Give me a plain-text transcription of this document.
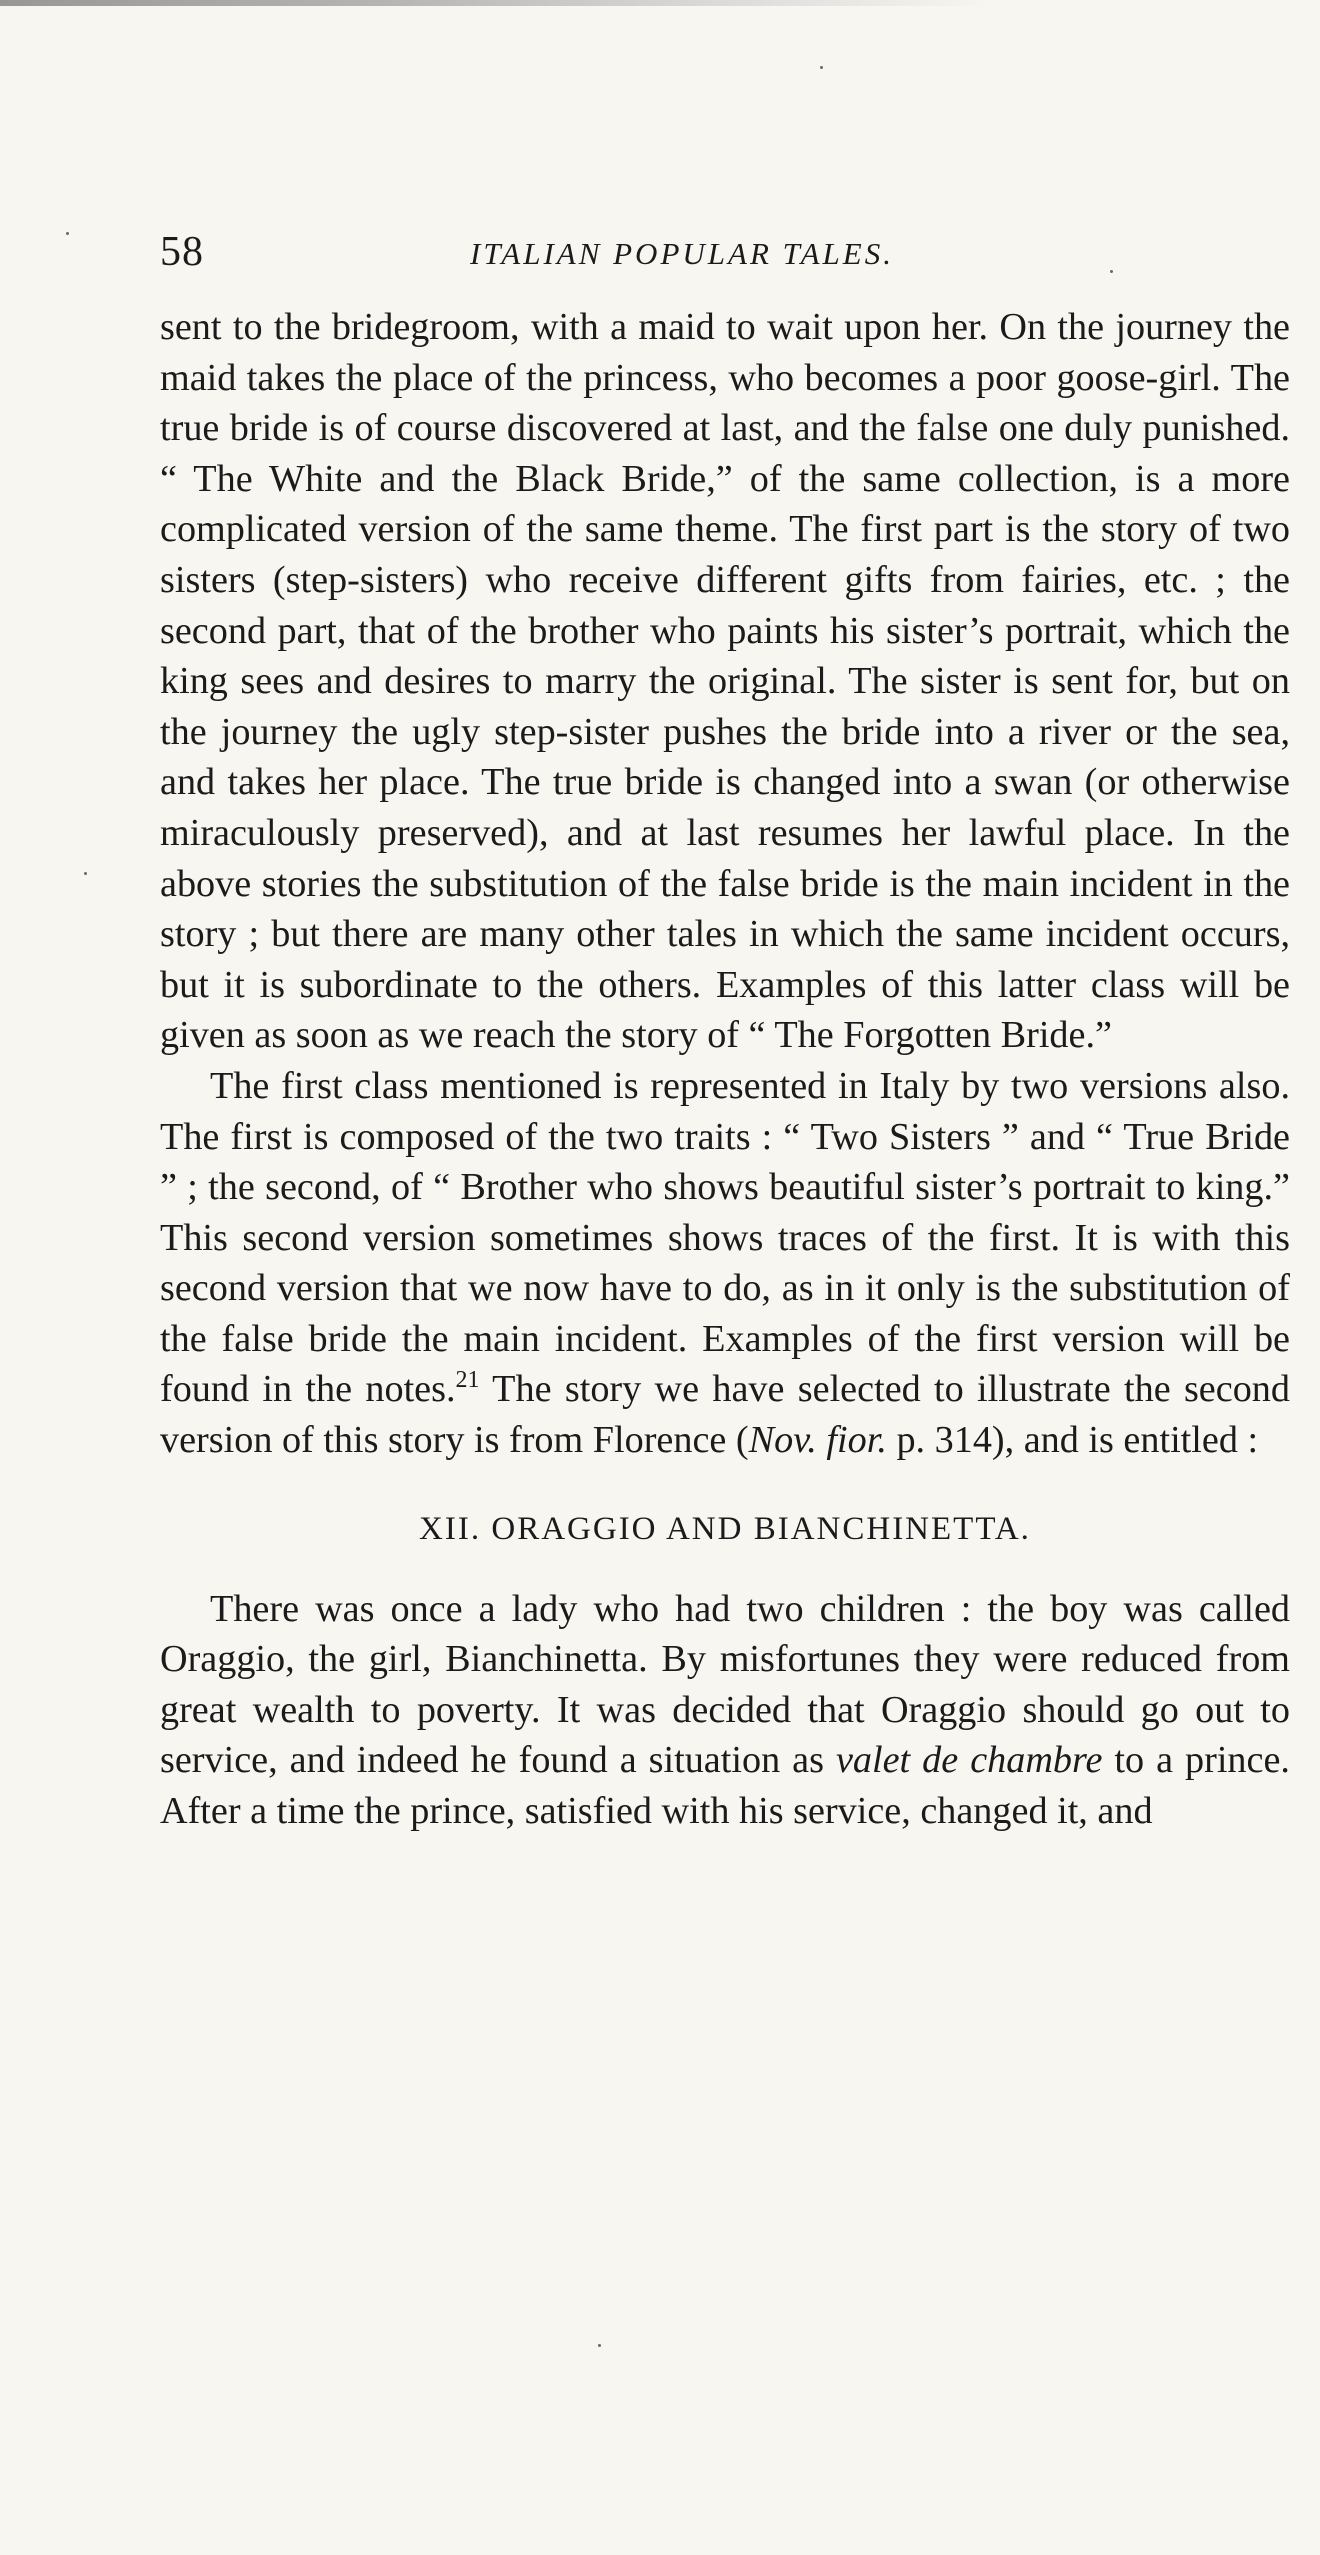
58	ITALIAN POPULAR TALES.

sent to the bridegroom, with a maid to wait upon her. On the journey the maid takes the place of the princess, who becomes a poor goose-girl. The true bride is of course discovered at last, and the false one duly punished. “ The White and the Black Bride,” of the same collection, is a more complicated version of the same theme. The first part is the story of two sisters (step-sisters) who receive different gifts from fairies, etc. ; the second part, that of the brother who paints his sister’s portrait, which the king sees and desires to marry the original. The sister is sent for, but on the journey the ugly step-sister pushes the bride into a river or the sea, and takes her place. The true bride is changed into a swan (or otherwise miraculously preserved), and at last resumes her lawful place. In the above stories the substitution of the false bride is the main incident in the story ; but there are many other tales in which the same incident occurs, but it is subordinate to the others. Examples of this latter class will be given as soon as we reach the story of “ The Forgotten Bride.”

The first class mentioned is represented in Italy by two versions also. The first is composed of the two traits : “ Two Sisters ” and “ True Bride ” ; the second, of “ Brother who shows beautiful sister’s portrait to king.” This second version sometimes shows traces of the first. It is with this second version that we now have to do, as in it only is the substitution of the false bride the main incident. Examples of the first version will be found in the notes.$^{21}$ The story we have selected to illustrate the second version of this story is from Florence (Nov. fior. p. 314), and is entitled :

XII. ORAGGIO AND BIANCHINETTA.

There was once a lady who had two children : the boy was called Oraggio, the girl, Bianchinetta. By misfortunes they were reduced from great wealth to poverty. It was decided that Oraggio should go out to service, and indeed he found a situation as valet de chambre to a prince. After a time the prince, satisfied with his service, changed it, and
